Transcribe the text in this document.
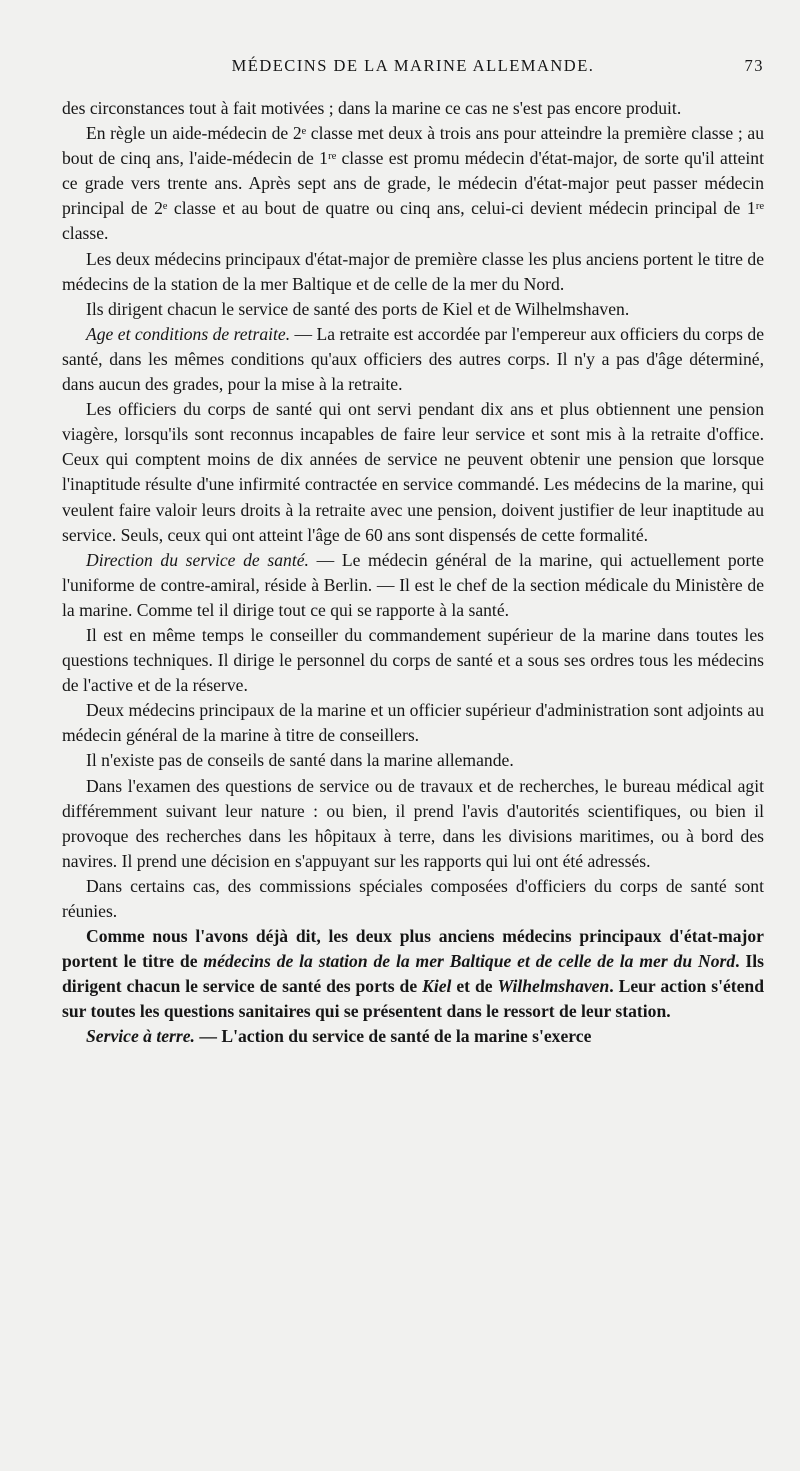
MÉDECINS DE LA MARINE ALLEMANDE.	73

des circonstances tout à fait motivées ; dans la marine ce cas ne s'est pas encore produit.

En règle un aide-médecin de 2ᵉ classe met deux à trois ans pour atteindre la première classe ; au bout de cinq ans, l'aide-médecin de 1ʳᵉ classe est promu médecin d'état-major, de sorte qu'il atteint ce grade vers trente ans. Après sept ans de grade, le médecin d'état-major peut passer médecin principal de 2ᵉ classe et au bout de quatre ou cinq ans, celui-ci devient médecin principal de 1ʳᵉ classe.

Les deux médecins principaux d'état-major de première classe les plus anciens portent le titre de médecins de la station de la mer Baltique et de celle de la mer du Nord.

Ils dirigent chacun le service de santé des ports de Kiel et de Wilhelmshaven.

Age et conditions de retraite. — La retraite est accordée par l'empereur aux officiers du corps de santé, dans les mêmes conditions qu'aux officiers des autres corps. Il n'y a pas d'âge déterminé, dans aucun des grades, pour la mise à la retraite.

Les officiers du corps de santé qui ont servi pendant dix ans et plus obtiennent une pension viagère, lorsqu'ils sont reconnus incapables de faire leur service et sont mis à la retraite d'office. Ceux qui comptent moins de dix années de service ne peuvent obtenir une pension que lorsque l'inaptitude résulte d'une infirmité contractée en service commandé. Les médecins de la marine, qui veulent faire valoir leurs droits à la retraite avec une pension, doivent justifier de leur inaptitude au service. Seuls, ceux qui ont atteint l'âge de 60 ans sont dispensés de cette formalité.

Direction du service de santé. — Le médecin général de la marine, qui actuellement porte l'uniforme de contre-amiral, réside à Berlin. — Il est le chef de la section médicale du Ministère de la marine. Comme tel il dirige tout ce qui se rapporte à la santé.

Il est en même temps le conseiller du commandement supérieur de la marine dans toutes les questions techniques. Il dirige le personnel du corps de santé et a sous ses ordres tous les médecins de l'active et de la réserve.

Deux médecins principaux de la marine et un officier supérieur d'administration sont adjoints au médecin général de la marine à titre de conseillers.

Il n'existe pas de conseils de santé dans la marine allemande.

Dans l'examen des questions de service ou de travaux et de recherches, le bureau médical agit différemment suivant leur nature : ou bien, il prend l'avis d'autorités scientifiques, ou bien il provoque des recherches dans les hôpitaux à terre, dans les divisions maritimes, ou à bord des navires. Il prend une décision en s'appuyant sur les rapports qui lui ont été adressés.

Dans certains cas, des commissions spéciales composées d'officiers du corps de santé sont réunies.

Comme nous l'avons déjà dit, les deux plus anciens médecins principaux d'état-major portent le titre de médecins de la station de la mer Baltique et de celle de la mer du Nord. Ils dirigent chacun le service de santé des ports de Kiel et de Wilhelmshaven. Leur action s'étend sur toutes les questions sanitaires qui se présentent dans le ressort de leur station.

Service à terre. — L'action du service de santé de la marine s'exerce
